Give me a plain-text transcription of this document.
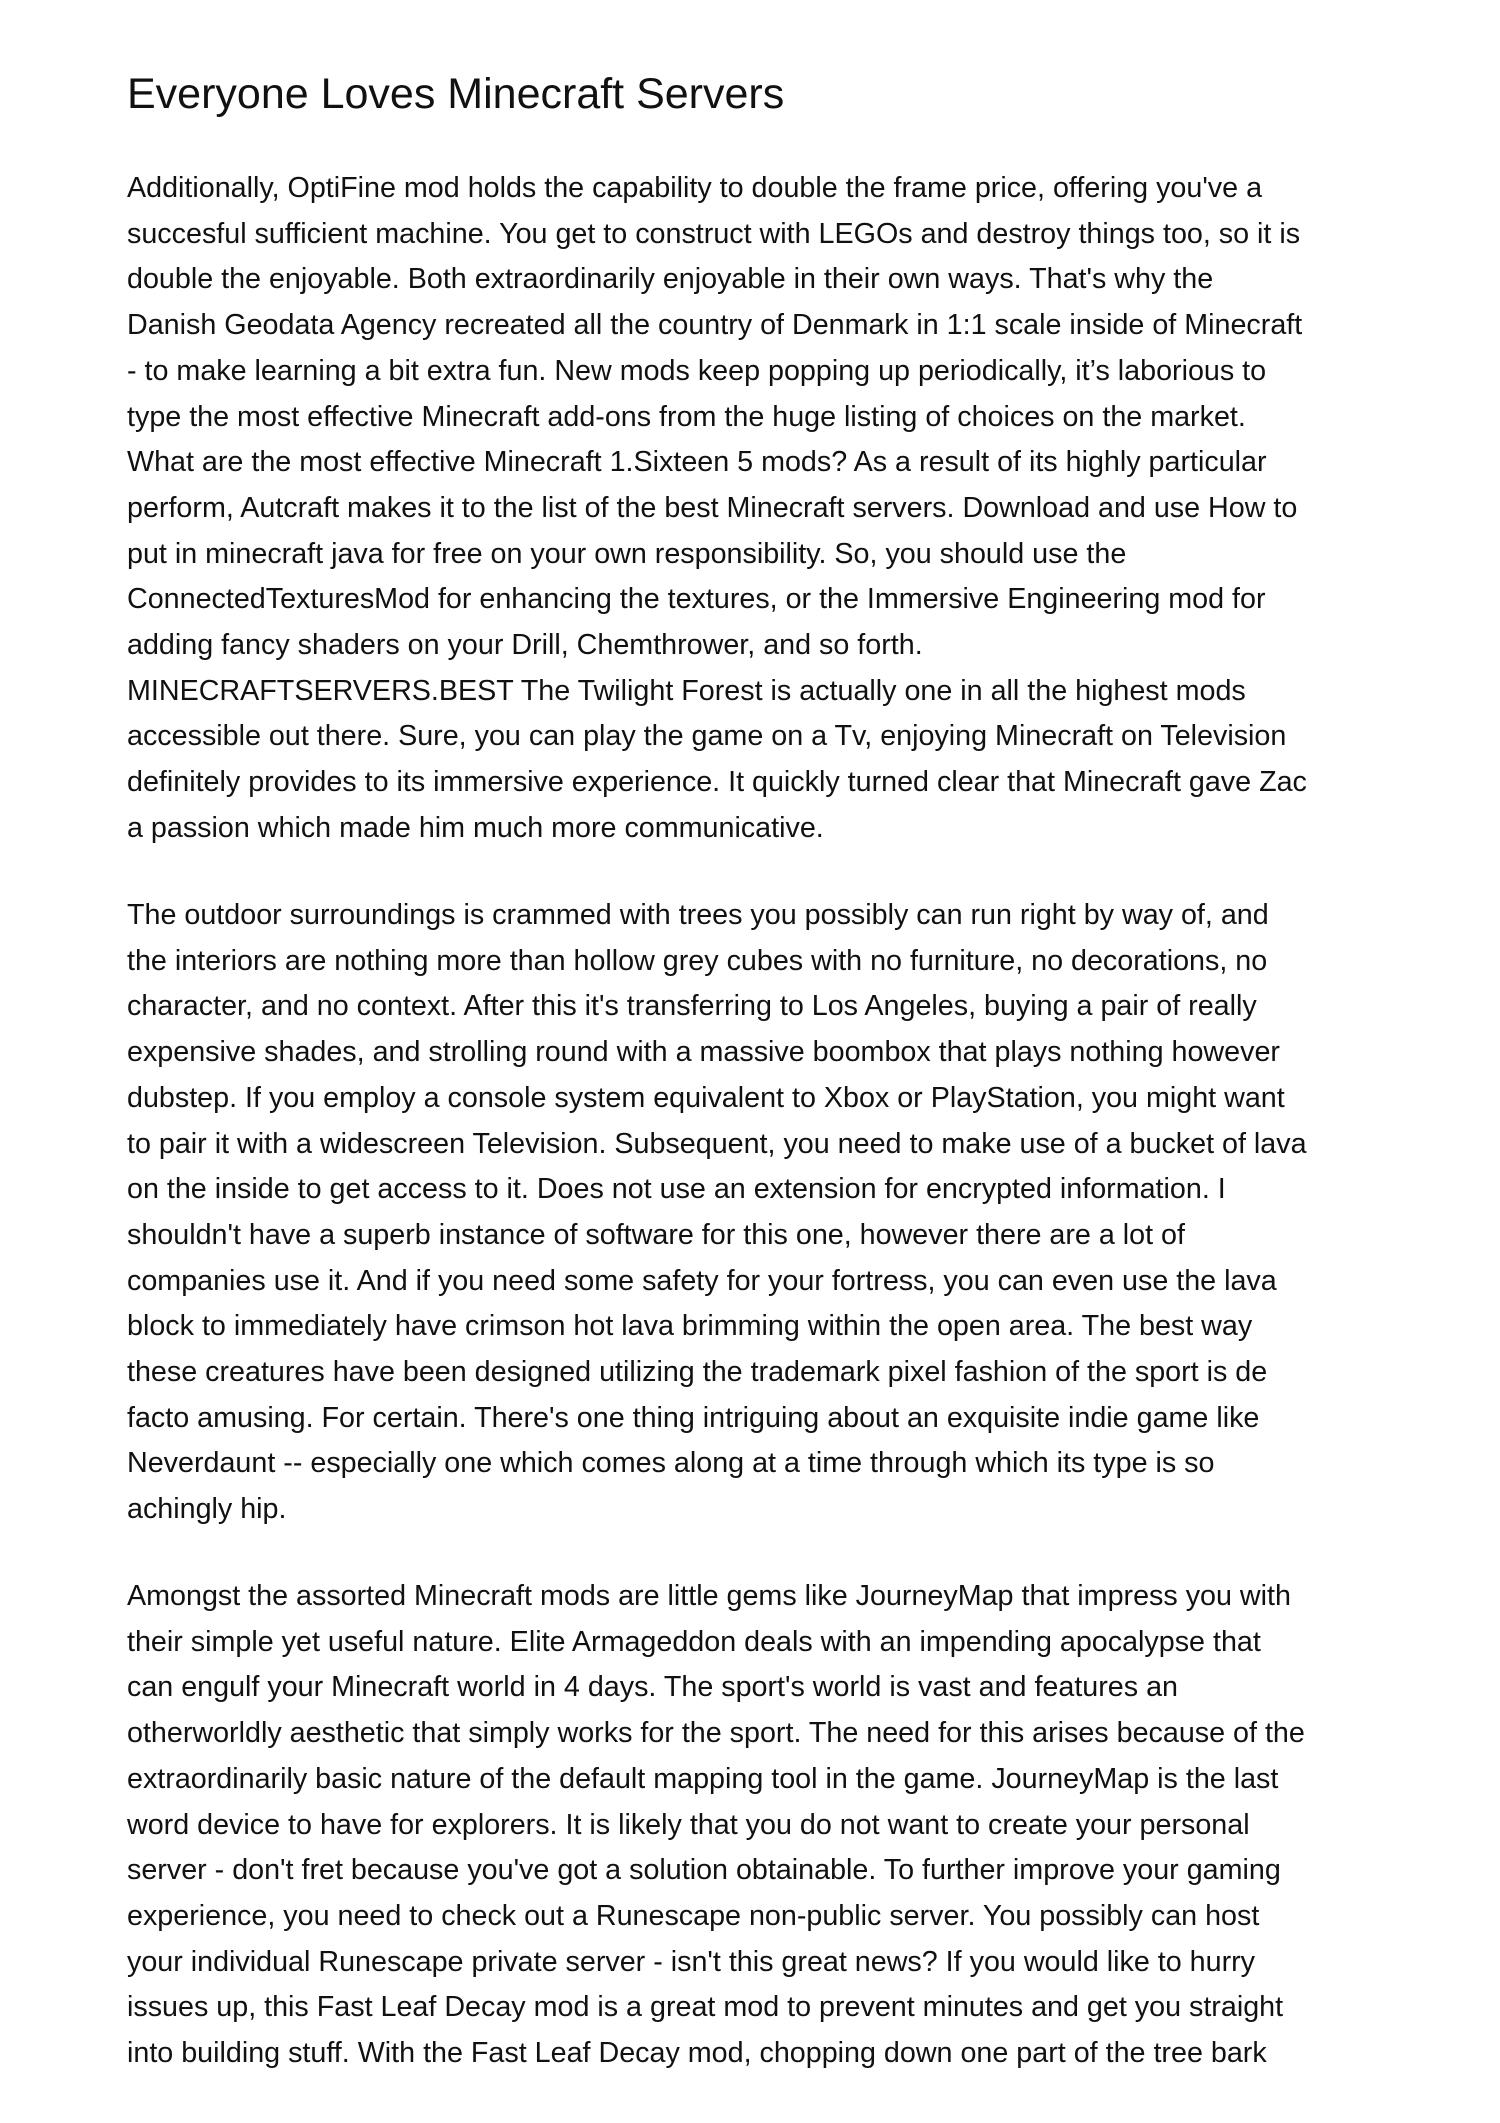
Everyone Loves Minecraft Servers

Additionally, OptiFine mod holds the capability to double the frame price, offering you've a
succesful sufficient machine. You get to construct with LEGOs and destroy things too, so it is
double the enjoyable. Both extraordinarily enjoyable in their own ways. That's why the
Danish Geodata Agency recreated all the country of Denmark in 1:1 scale inside of Minecraft
- to make learning a bit extra fun. New mods keep popping up periodically, it’s laborious to
type the most effective Minecraft add-ons from the huge listing of choices on the market.
What are the most effective Minecraft 1.Sixteen 5 mods? As a result of its highly particular
perform, Autcraft makes it to the list of the best Minecraft servers. Download and use How to
put in minecraft java for free on your own responsibility. So, you should use the
ConnectedTexturesMod for enhancing the textures, or the Immersive Engineering mod for
adding fancy shaders on your Drill, Chemthrower, and so forth.
MINECRAFTSERVERS.BEST The Twilight Forest is actually one in all the highest mods
accessible out there. Sure, you can play the game on a Tv, enjoying Minecraft on Television
definitely provides to its immersive experience. It quickly turned clear that Minecraft gave Zac
a passion which made him much more communicative.

The outdoor surroundings is crammed with trees you possibly can run right by way of, and
the interiors are nothing more than hollow grey cubes with no furniture, no decorations, no
character, and no context. After this it's transferring to Los Angeles, buying a pair of really
expensive shades, and strolling round with a massive boombox that plays nothing however
dubstep. If you employ a console system equivalent to Xbox or PlayStation, you might want
to pair it with a widescreen Television. Subsequent, you need to make use of a bucket of lava
on the inside to get access to it. Does not use an extension for encrypted information. I
shouldn't have a superb instance of software for this one, however there are a lot of
companies use it. And if you need some safety for your fortress, you can even use the lava
block to immediately have crimson hot lava brimming within the open area. The best way
these creatures have been designed utilizing the trademark pixel fashion of the sport is de
facto amusing. For certain. There's one thing intriguing about an exquisite indie game like
Neverdaunt -- especially one which comes along at a time through which its type is so
achingly hip.

Amongst the assorted Minecraft mods are little gems like JourneyMap that impress you with
their simple yet useful nature. Elite Armageddon deals with an impending apocalypse that
can engulf your Minecraft world in 4 days. The sport's world is vast and features an
otherworldly aesthetic that simply works for the sport. The need for this arises because of the
extraordinarily basic nature of the default mapping tool in the game. JourneyMap is the last
word device to have for explorers. It is likely that you do not want to create your personal
server - don't fret because you've got a solution obtainable. To further improve your gaming
experience, you need to check out a Runescape non-public server. You possibly can host
your individual Runescape private server - isn't this great news? If you would like to hurry
issues up, this Fast Leaf Decay mod is a great mod to prevent minutes and get you straight
into building stuff. With the Fast Leaf Decay mod, chopping down one part of the tree bark
